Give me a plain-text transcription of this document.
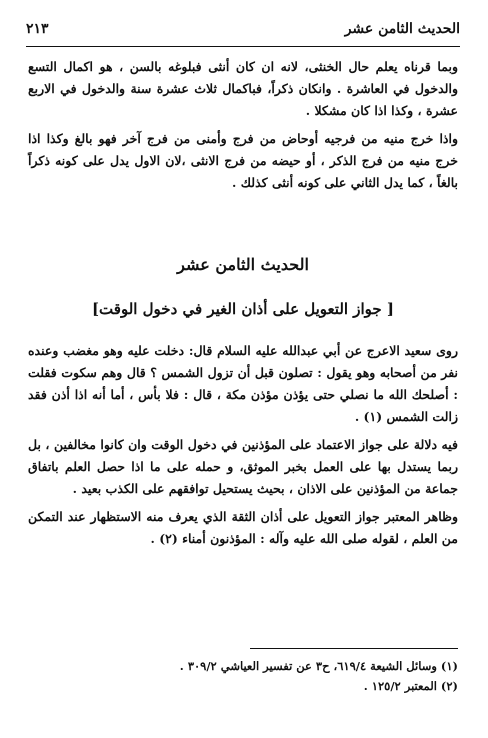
الحديث الثامن عشر
٢١٣

وبما قرناه يعلم حال الخنثى، لانه ان كان أنثى فبلوغه بالسن ، هو اكمال التسع والدخول في العاشرة . وانكان ذكراً، فباكمال ثلاث عشرة سنة والدخول في الاربع عشرة ، وكذا اذا كان مشكلا .

واذا خرج منيه من فرجيه أوحاض من فرج وأمنى من فرج آخر فهو بالغ وكذا اذا خرج منيه من فرج الذكر ، أو حيضه من فرج الانثى ،لان الاول يدل على كونه ذكراً بالغاً ، كما يدل الثاني على كونه أنثى كذلك .

الحديث الثامن عشر
[ جواز التعويل على أذان الغير في دخول الوقت]

روى سعيد الاعرج عن أبي عبدالله عليه السلام قال: دخلت عليه وهو مغضب وعنده نفر من أصحابه وهو يقول : تصلون قبل أن تزول الشمس ؟ قال وهم سكوت فقلت : أصلحك الله ما نصلي حتى يؤذن مؤذن مكة ، قال : فلا بأس ، أما أنه اذا أذن فقد زالت الشمس (١) .

فيه دلالة على جواز الاعتماد على المؤذنين في دخول الوقت وان كانوا مخالفين ، بل ربما يستدل بها على العمل بخبر الموثق، و حمله على ما اذا حصل العلم باتفاق جماعة من المؤذنين على الاذان ، بحيث يستحيل توافقهم على الكذب بعيد .

وظاهر المعتبر جواز التعويل على أذان الثقة الذي يعرف منه الاستظهار عند التمكن من العلم ، لقوله صلى الله عليه وآله : المؤذنون أمناء (٢) .

(١) وسائل الشيعة ٦١٩/٤، ح٣ عن تفسير العياشي ٣٠٩/٢ .

(٢) المعتبر ١٢٥/٢ .
